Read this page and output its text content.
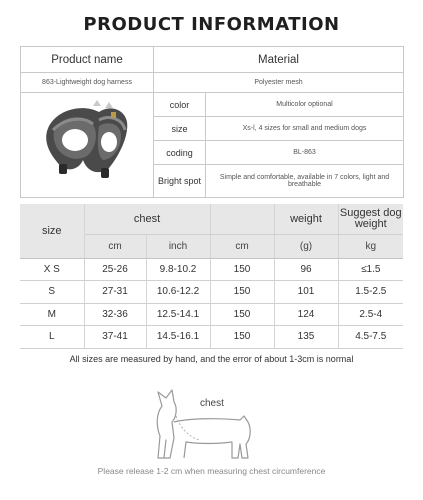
PRODUCT INFORMATION
Product name	Material	
863-Lightweight dog harness	Polyester mesh	
	color	Multicolor optional
	size	Xs-l, 4 sizes for small and medium dogs
	coding	BL-863
	Bright spot	Simple and comfortable, available in 7 colors, light and breathable
size	chest			weight	Suggest dog weight
	cm	inch	cm	(g)	kg
X S	25-26	9.8-10.2	150	96	≤1.5
S	27-31	10.6-12.2	150	101	1.5-2.5
M	32-36	12.5-14.1	150	124	2.5-4
L	37-41	14.5-16.1	150	135	4.5-7.5
All sizes are measured by hand, and the error of about 1-3cm is normal
chest
Please release 1-2 cm when measuring chest circumference
